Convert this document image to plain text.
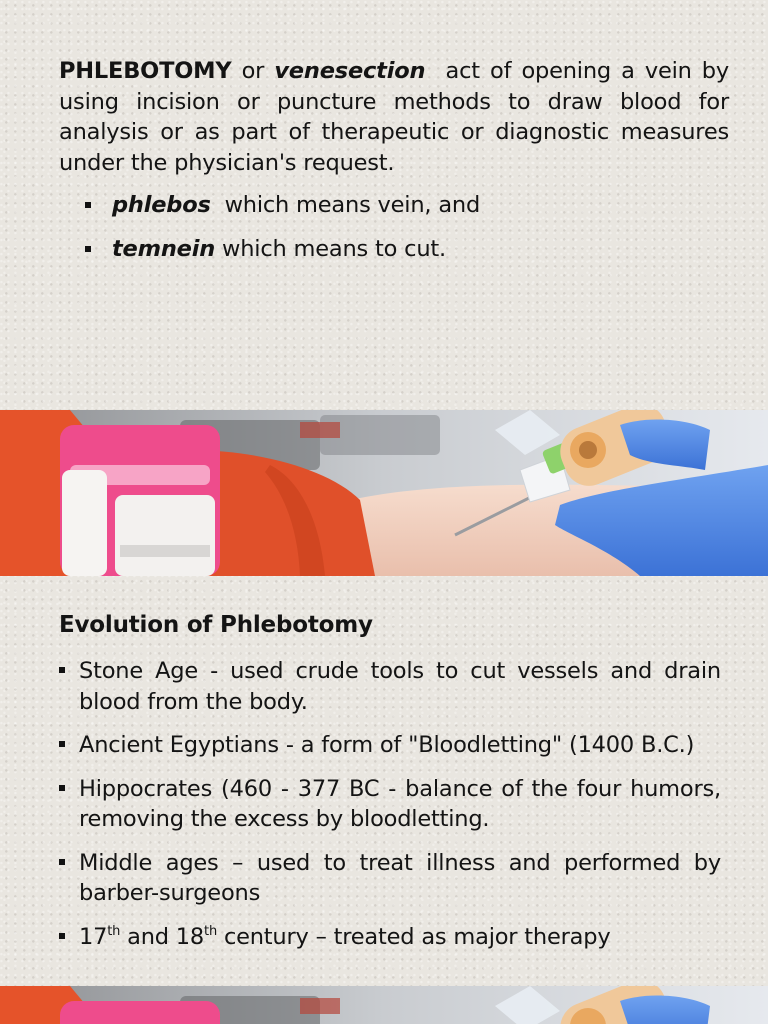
PHLEBOTOMY or venesection act of opening a vein by using incision or puncture methods to draw blood for analysis or as part of therapeutic or diagnostic measures under the physician's request.

phlebos which means vein, and
temnein which means to cut.
Evolution of Phlebotomy
Stone Age - used crude tools to cut vessels and drain blood from the body.
Ancient Egyptians - a form of "Bloodletting" (1400 B.C.)
Hippocrates (460 - 377 BC - balance of the four humors, removing the excess by bloodletting.
Middle ages – used to treat illness and performed by barber-surgeons
17th and 18th century – treated as major therapy
